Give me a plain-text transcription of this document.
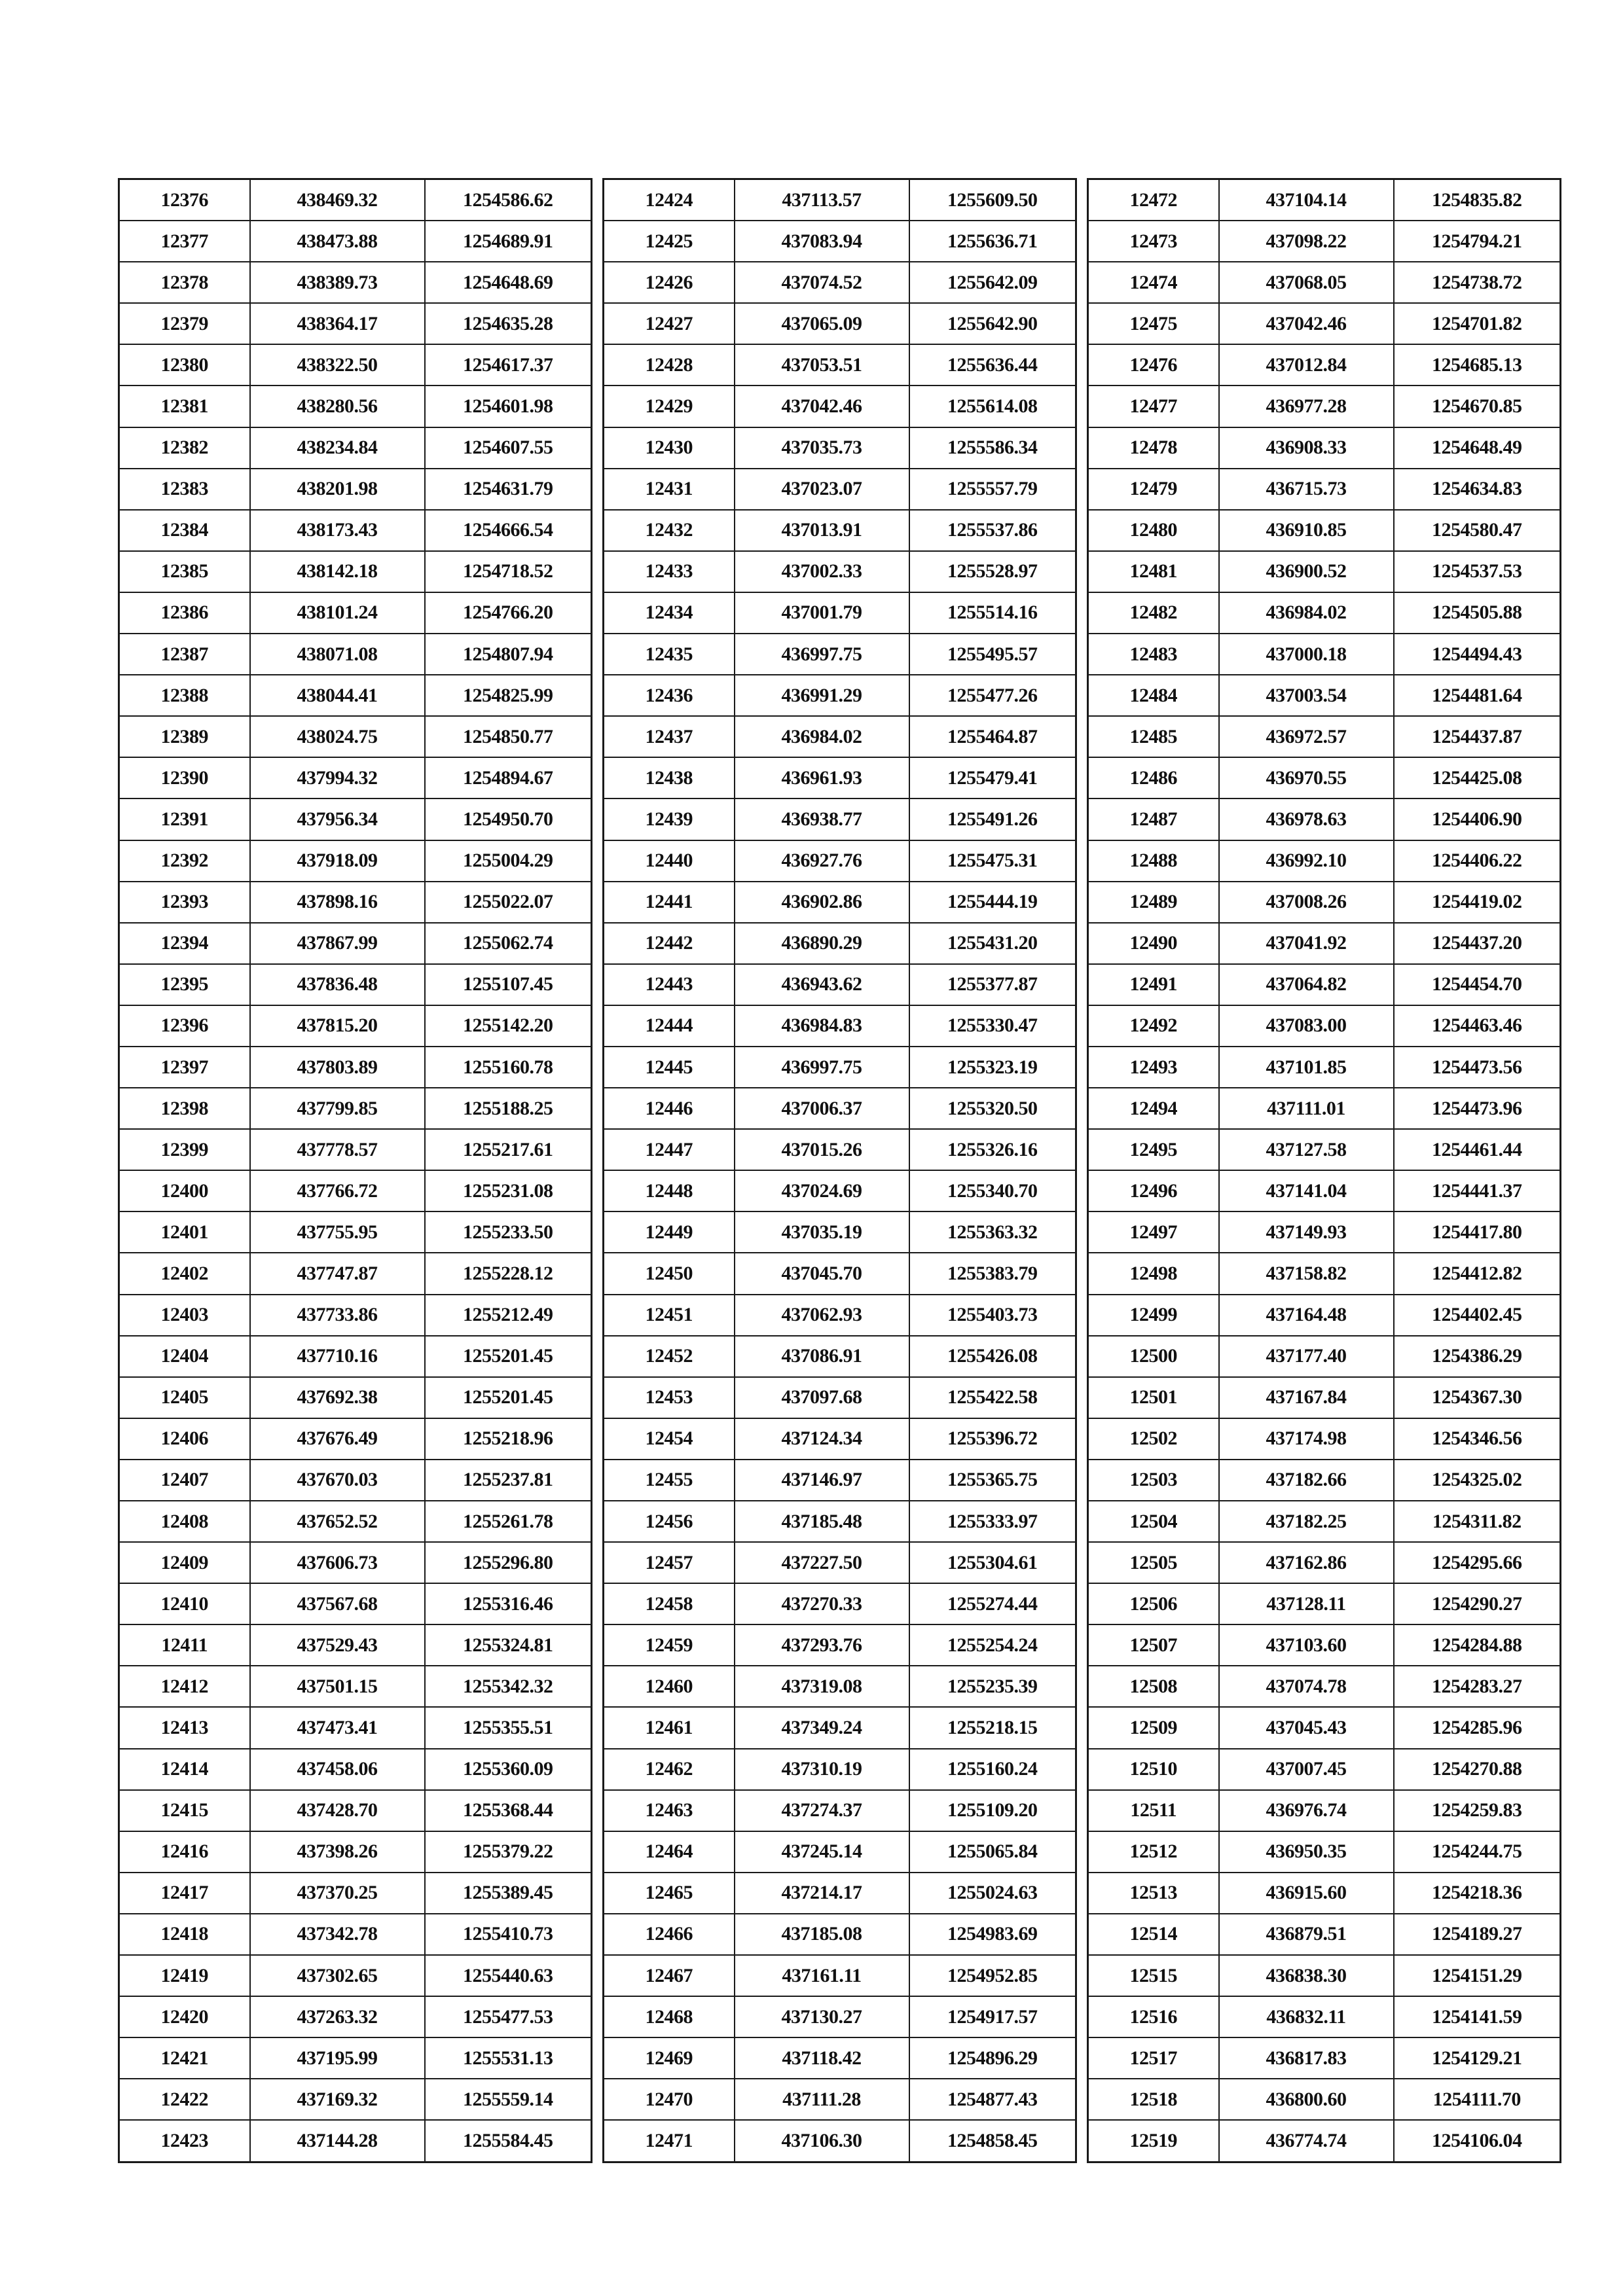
12376	438469.32	1254586.62
12377	438473.88	1254689.91
12378	438389.73	1254648.69
12379	438364.17	1254635.28
12380	438322.50	1254617.37
12381	438280.56	1254601.98
12382	438234.84	1254607.55
12383	438201.98	1254631.79
12384	438173.43	1254666.54
12385	438142.18	1254718.52
12386	438101.24	1254766.20
12387	438071.08	1254807.94
12388	438044.41	1254825.99
12389	438024.75	1254850.77
12390	437994.32	1254894.67
12391	437956.34	1254950.70
12392	437918.09	1255004.29
12393	437898.16	1255022.07
12394	437867.99	1255062.74
12395	437836.48	1255107.45
12396	437815.20	1255142.20
12397	437803.89	1255160.78
12398	437799.85	1255188.25
12399	437778.57	1255217.61
12400	437766.72	1255231.08
12401	437755.95	1255233.50
12402	437747.87	1255228.12
12403	437733.86	1255212.49
12404	437710.16	1255201.45
12405	437692.38	1255201.45
12406	437676.49	1255218.96
12407	437670.03	1255237.81
12408	437652.52	1255261.78
12409	437606.73	1255296.80
12410	437567.68	1255316.46
12411	437529.43	1255324.81
12412	437501.15	1255342.32
12413	437473.41	1255355.51
12414	437458.06	1255360.09
12415	437428.70	1255368.44
12416	437398.26	1255379.22
12417	437370.25	1255389.45
12418	437342.78	1255410.73
12419	437302.65	1255440.63
12420	437263.32	1255477.53
12421	437195.99	1255531.13
12422	437169.32	1255559.14
12423	437144.28	1255584.45
12424	437113.57	1255609.50
12425	437083.94	1255636.71
12426	437074.52	1255642.09
12427	437065.09	1255642.90
12428	437053.51	1255636.44
12429	437042.46	1255614.08
12430	437035.73	1255586.34
12431	437023.07	1255557.79
12432	437013.91	1255537.86
12433	437002.33	1255528.97
12434	437001.79	1255514.16
12435	436997.75	1255495.57
12436	436991.29	1255477.26
12437	436984.02	1255464.87
12438	436961.93	1255479.41
12439	436938.77	1255491.26
12440	436927.76	1255475.31
12441	436902.86	1255444.19
12442	436890.29	1255431.20
12443	436943.62	1255377.87
12444	436984.83	1255330.47
12445	436997.75	1255323.19
12446	437006.37	1255320.50
12447	437015.26	1255326.16
12448	437024.69	1255340.70
12449	437035.19	1255363.32
12450	437045.70	1255383.79
12451	437062.93	1255403.73
12452	437086.91	1255426.08
12453	437097.68	1255422.58
12454	437124.34	1255396.72
12455	437146.97	1255365.75
12456	437185.48	1255333.97
12457	437227.50	1255304.61
12458	437270.33	1255274.44
12459	437293.76	1255254.24
12460	437319.08	1255235.39
12461	437349.24	1255218.15
12462	437310.19	1255160.24
12463	437274.37	1255109.20
12464	437245.14	1255065.84
12465	437214.17	1255024.63
12466	437185.08	1254983.69
12467	437161.11	1254952.85
12468	437130.27	1254917.57
12469	437118.42	1254896.29
12470	437111.28	1254877.43
12471	437106.30	1254858.45
12472	437104.14	1254835.82
12473	437098.22	1254794.21
12474	437068.05	1254738.72
12475	437042.46	1254701.82
12476	437012.84	1254685.13
12477	436977.28	1254670.85
12478	436908.33	1254648.49
12479	436715.73	1254634.83
12480	436910.85	1254580.47
12481	436900.52	1254537.53
12482	436984.02	1254505.88
12483	437000.18	1254494.43
12484	437003.54	1254481.64
12485	436972.57	1254437.87
12486	436970.55	1254425.08
12487	436978.63	1254406.90
12488	436992.10	1254406.22
12489	437008.26	1254419.02
12490	437041.92	1254437.20
12491	437064.82	1254454.70
12492	437083.00	1254463.46
12493	437101.85	1254473.56
12494	437111.01	1254473.96
12495	437127.58	1254461.44
12496	437141.04	1254441.37
12497	437149.93	1254417.80
12498	437158.82	1254412.82
12499	437164.48	1254402.45
12500	437177.40	1254386.29
12501	437167.84	1254367.30
12502	437174.98	1254346.56
12503	437182.66	1254325.02
12504	437182.25	1254311.82
12505	437162.86	1254295.66
12506	437128.11	1254290.27
12507	437103.60	1254284.88
12508	437074.78	1254283.27
12509	437045.43	1254285.96
12510	437007.45	1254270.88
12511	436976.74	1254259.83
12512	436950.35	1254244.75
12513	436915.60	1254218.36
12514	436879.51	1254189.27
12515	436838.30	1254151.29
12516	436832.11	1254141.59
12517	436817.83	1254129.21
12518	436800.60	1254111.70
12519	436774.74	1254106.04
